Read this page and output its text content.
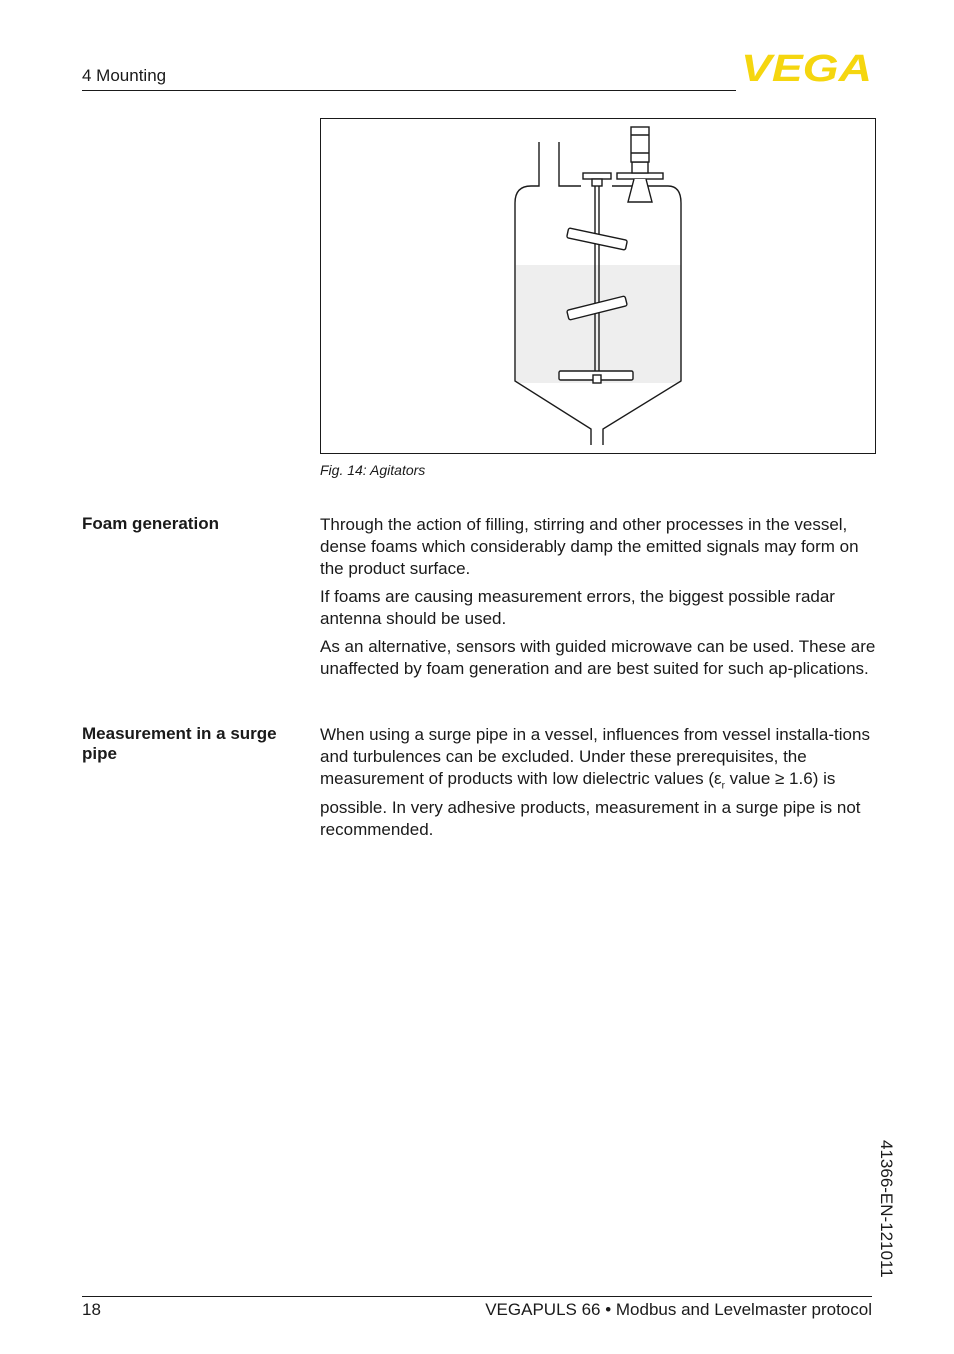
4 Mounting	VEGA
Fig. 14: Agitators
Foam generation	Through the action of filling, stirring and other processes in the vessel, dense foams which considerably damp the emitted signals may form on the product surface.

If foams are causing measurement errors, the biggest possible radar antenna should be used.

As an alternative, sensors with guided microwave can be used. These are unaffected by foam generation and are best suited for such ap-plications.

Measurement in a surge pipe

When using a surge pipe in a vessel, influences from vessel installa-tions and turbulences can be excluded. Under these prerequisites, the measurement of products with low dielectric values ($\varepsilon_r$ value ≥ 1.6) is possible. In very adhesive products, measurement in a surge pipe is not recommended.

41366-EN-121011
18	VEGAPULS 66 • Modbus and Levelmaster protocol
